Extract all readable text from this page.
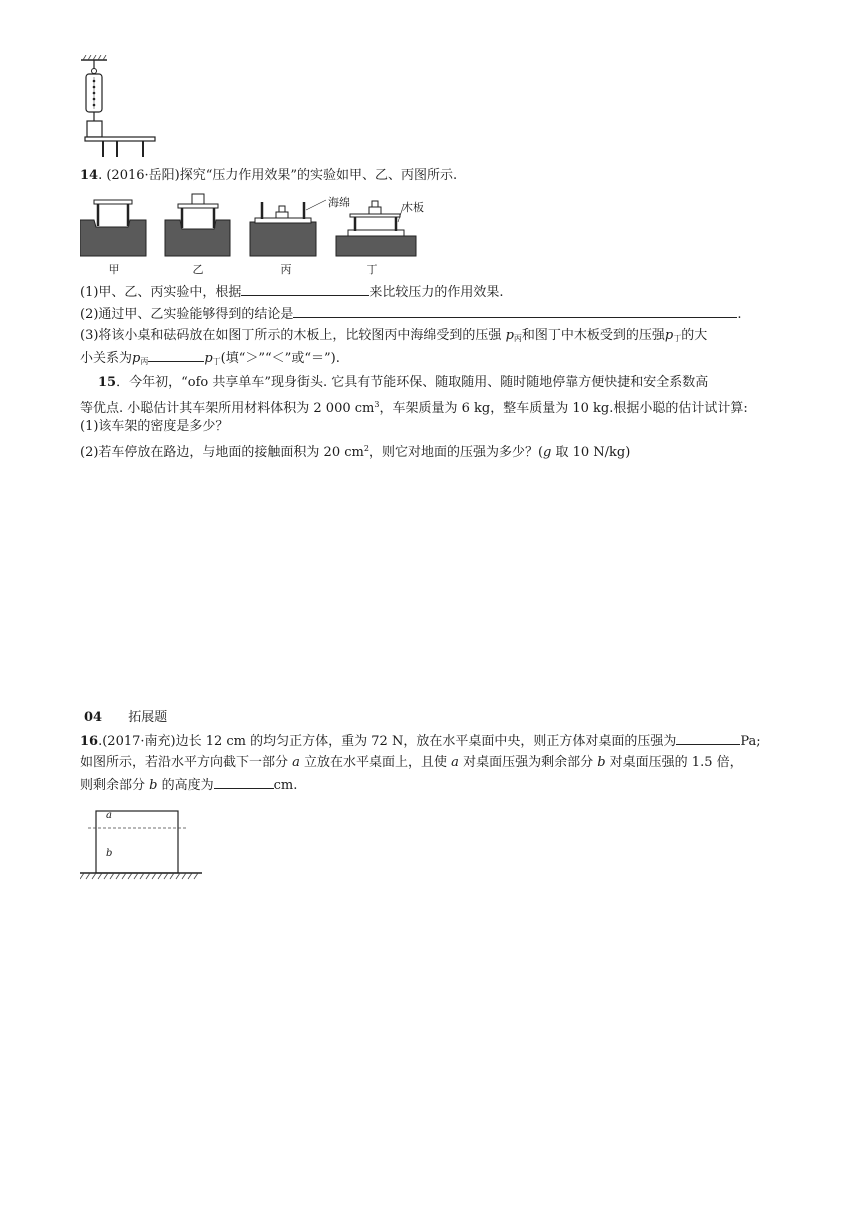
14. (2016·岳阳)探究“压力作用效果”的实验如甲、乙、丙图所示.
海绵	木板
甲	乙	丙	丁
(1)甲、乙、丙实验中，根据	来比较压力的作用效果.
(2)通过甲、乙实验能够得到的结论是	.
(3)将该小桌和砝码放在如图丁所示的木板上，比较图丙中海绵受到的压强 $p_丙$和图丁中木板受到的压强$p_丁$的大
小关系为$p_丙$	$p_丁$(填“＞”“＜”或“＝”).
15．今年初，“ofo 共享单车”现身街头. 它具有节能环保、随取随用、随时随地停靠方便快捷和安全系数高
等优点. 小聪估计其车架所用材料体积为 2 000 $cm^3$，车架质量为 6 kg，整车质量为 10 kg.根据小聪的估计试计算:
(1)该车架的密度是多少？
(2)若车停放在路边，与地面的接触面积为 20 $cm^2$，则它对地面的压强为多少？(g 取 10 N/kg)
04 拓展题
16.(2017·南充)边长 12 cm 的均匀正方体，重为 72 N，放在水平桌面中央，则正方体对桌面的压强为	Pa;
如图所示，若沿水平方向截下一部分 a 立放在水平桌面上，且使 a 对桌面压强为剩余部分 b 对桌面压强的 1.5 倍，
则剩余部分 b 的高度为	cm.
a
b
